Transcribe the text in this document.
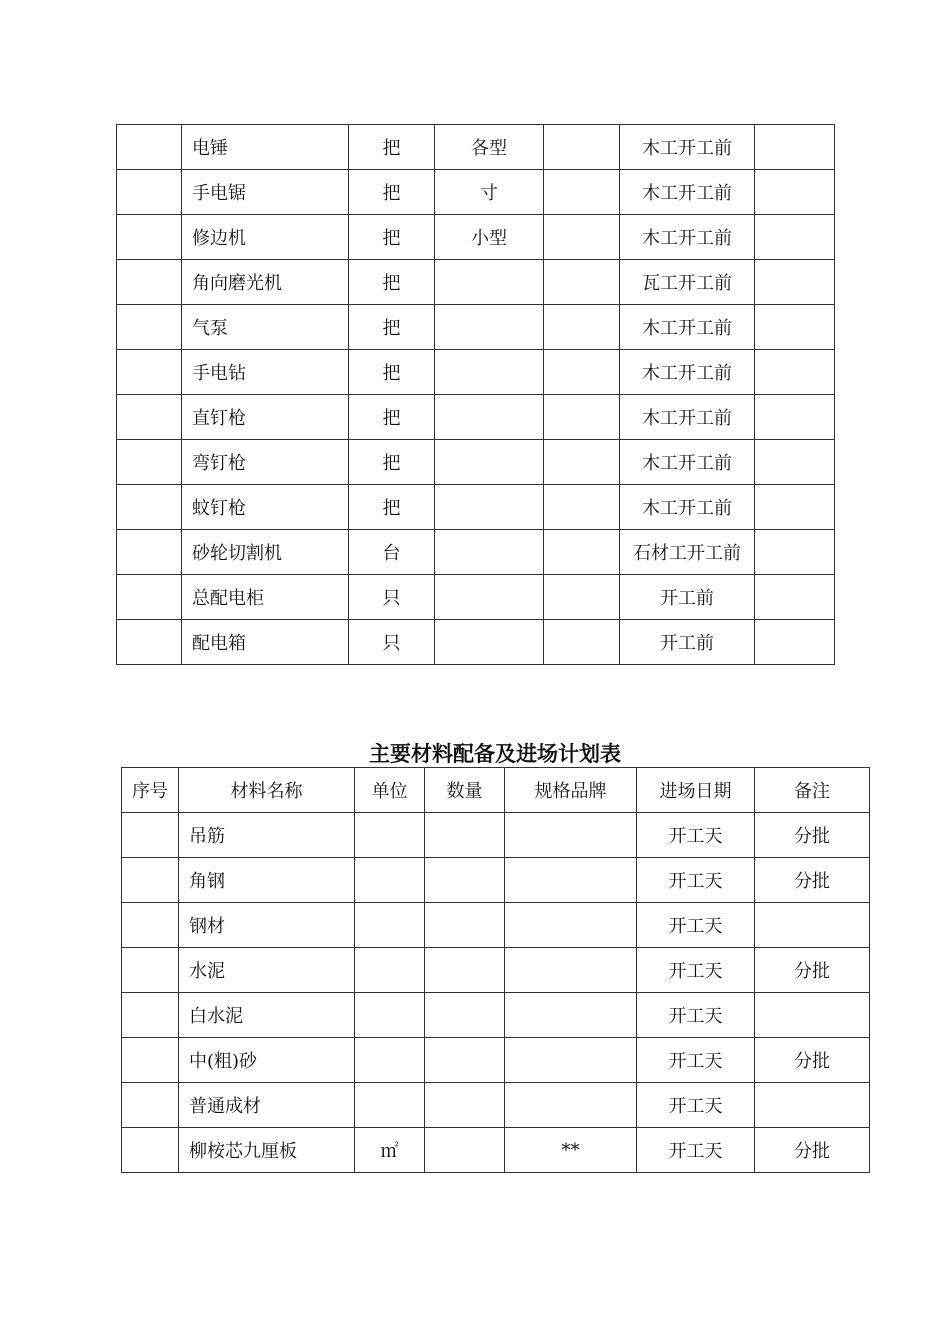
	电锤	把	各型		木工开工前	
	手电锯	把	寸		木工开工前	
	修边机	把	小型		木工开工前	
	角向磨光机	把			瓦工开工前	
	气泵	把			木工开工前	
	手电钻	把			木工开工前	
	直钉枪	把			木工开工前	
	弯钉枪	把			木工开工前	
	蚊钉枪	把			木工开工前	
	砂轮切割机	台			石材工开工前	
	总配电柜	只			开工前	
	配电箱	只			开工前	
主要材料配备及进场计划表
序号	材料名称	单位	数量	规格品牌	进场日期	备注
	吊筋				开工天	分批
	角钢				开工天	分批
	钢材				开工天	
	水泥				开工天	分批
	白水泥				开工天	
	中(粗)砂				开工天	分批
	普通成材				开工天	
	柳桉芯九厘板	㎡		**	开工天	分批
